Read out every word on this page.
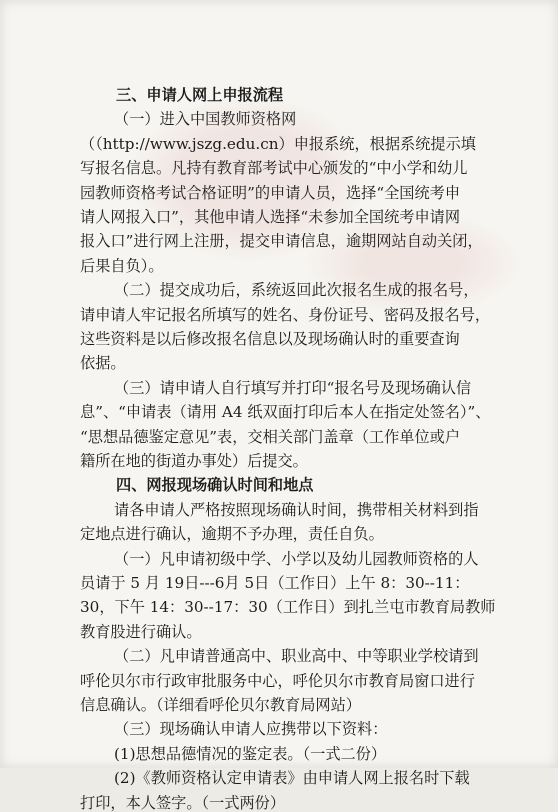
三、申请人网上申报流程
（一）进入中国教师资格网
（（http://www.jszg.edu.cn）申报系统，根据系统提示填
写报名信息。凡持有教育部考试中心颁发的“中小学和幼儿
园教师资格考试合格证明”的申请人员，选择“全国统考申
请人网报入口”，其他申请人选择“未参加全国统考申请网
报入口”进行网上注册，提交申请信息，逾期网站自动关闭，
后果自负）。
（二）提交成功后，系统返回此次报名生成的报名号，
请申请人牢记报名所填写的姓名、身份证号、密码及报名号，
这些资料是以后修改报名信息以及现场确认时的重要查询
依据。
（三）请申请人自行填写并打印“报名号及现场确认信
息”、“申请表（请用 A4 纸双面打印后本人在指定处签名）”、
“思想品德鉴定意见”表，交相关部门盖章（工作单位或户
籍所在地的街道办事处）后提交。
四、网报现场确认时间和地点
请各申请人严格按照现场确认时间，携带相关材料到指
定地点进行确认，逾期不予办理，责任自负。
（一）凡申请初级中学、小学以及幼儿园教师资格的人
员请于 5 月 19日---6月 5日（工作日）上午 8：30--11：
30，下午 14：30--17：30（工作日）到扎兰屯市教育局教师
教育股进行确认。
（二）凡申请普通高中、职业高中、中等职业学校请到
呼伦贝尔市行政审批服务中心，呼伦贝尔市教育局窗口进行
信息确认。（详细看呼伦贝尔教育局网站）
（三）现场确认申请人应携带以下资料：
(1)思想品德情况的鉴定表。（一式二份）
(2)《教师资格认定申请表》由申请人网上报名时下载
打印，本人签字。（一式两份）
